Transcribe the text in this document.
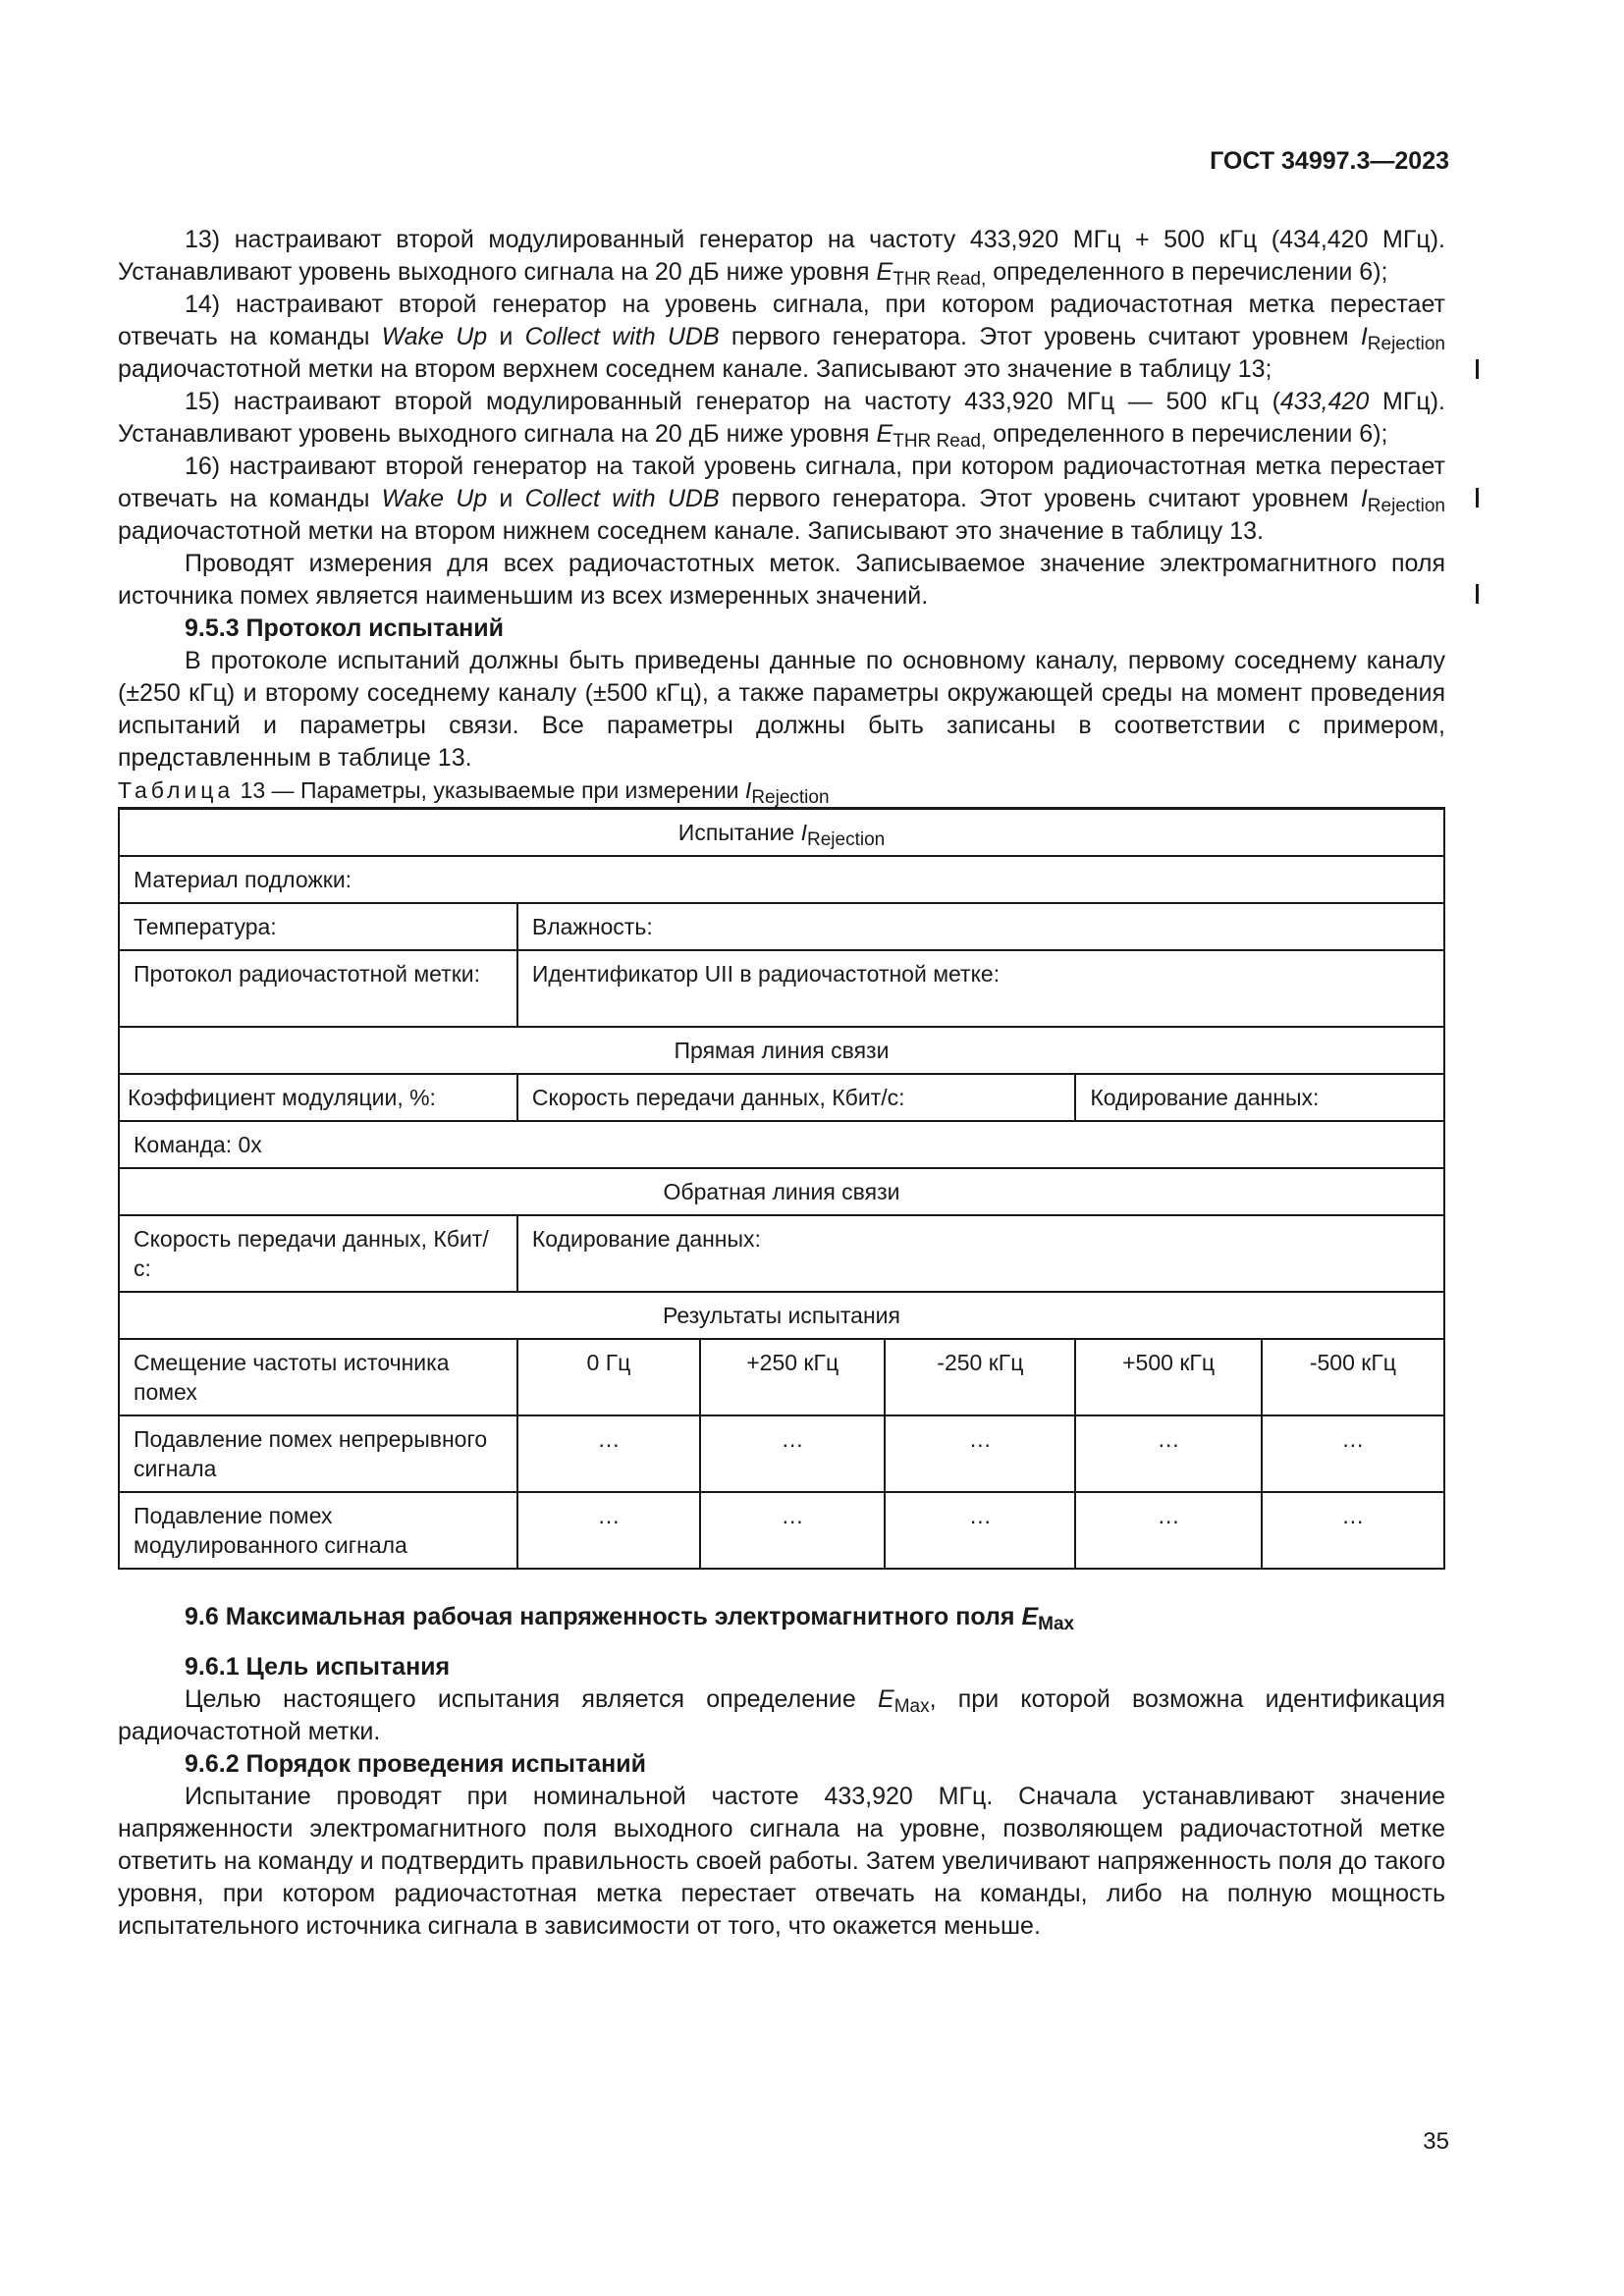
ГОСТ 34997.3—2023

13) настраивают второй модулированный генератор на частоту 433,920 МГц + 500 кГц (434,420 МГц). Устанавливают уровень выходного сигнала на 20 дБ ниже уровня $E_{THR Read,}$ определенного в перечислении 6);

14) настраивают второй генератор на уровень сигнала, при котором радиочастотная метка перестает отвечать на команды Wake Up и Collect with UDB первого генератора. Этот уровень считают уровнем $I_{Rejection}$ радиочастотной метки на втором верхнем соседнем канале. Записывают это значение в таблицу 13;

15) настраивают второй модулированный генератор на частоту 433,920 МГц — 500 кГц (433,420 МГц). Устанавливают уровень выходного сигнала на 20 дБ ниже уровня $E_{THR Read,}$ определенного в перечислении 6);

16) настраивают второй генератор на такой уровень сигнала, при котором радиочастотная метка перестает отвечать на команды Wake Up и Collect with UDB первого генератора. Этот уровень считают уровнем $I_{Rejection}$ радиочастотной метки на втором нижнем соседнем канале. Записывают это значение в таблицу 13.

Проводят измерения для всех радиочастотных меток. Записываемое значение электромагнитного поля источника помех является наименьшим из всех измеренных значений.

9.5.3 Протокол испытаний

В протоколе испытаний должны быть приведены данные по основному каналу, первому соседнему каналу (±250 кГц) и второму соседнему каналу (±500 кГц), а также параметры окружающей среды на момент проведения испытаний и параметры связи. Все параметры должны быть записаны в соответствии с примером, представленным в таблице 13.

Таблица 13 — Параметры, указываемые при измерении $I_{Rejection}$

Испытание $I_{Rejection}$
Материал подложки:					
Температура:	Влажность:				
Протокол радиочастотной метки:	Идентификатор UII в радиочастотной метке:				
Прямая линия связи					
Коэффициент модуляции, %:	Скорость передачи данных, Кбит/с:			Кодирование данных:	
Команда: 0x					
Обратная линия связи					
Скорость передачи данных, Кбит/с:	Кодирование данных:				
Результаты испытания					
Смещение частоты источника помех	0 Гц	+250 кГц	-250 кГц	+500 кГц	-500 кГц
Подавление помех непрерывного сигнала	…	…	…	…	…
Подавление помех модулированного сигнала	…	…	…	…	…
9.6 Максимальная рабочая напряженность электромагнитного поля $E_{Max}$
9.6.1 Цель испытания

Целью настоящего испытания является определение $E_{Max}$, при которой возможна идентификация радиочастотной метки.

9.6.2 Порядок проведения испытаний

Испытание проводят при номинальной частоте 433,920 МГц. Сначала устанавливают значение напряженности электромагнитного поля выходного сигнала на уровне, позволяющем радиочастотной метке ответить на команду и подтвердить правильность своей работы. Затем увеличивают напряженность поля до такого уровня, при котором радиочастотная метка перестает отвечать на команды, либо на полную мощность испытательного источника сигнала в зависимости от того, что окажется меньше.

35
